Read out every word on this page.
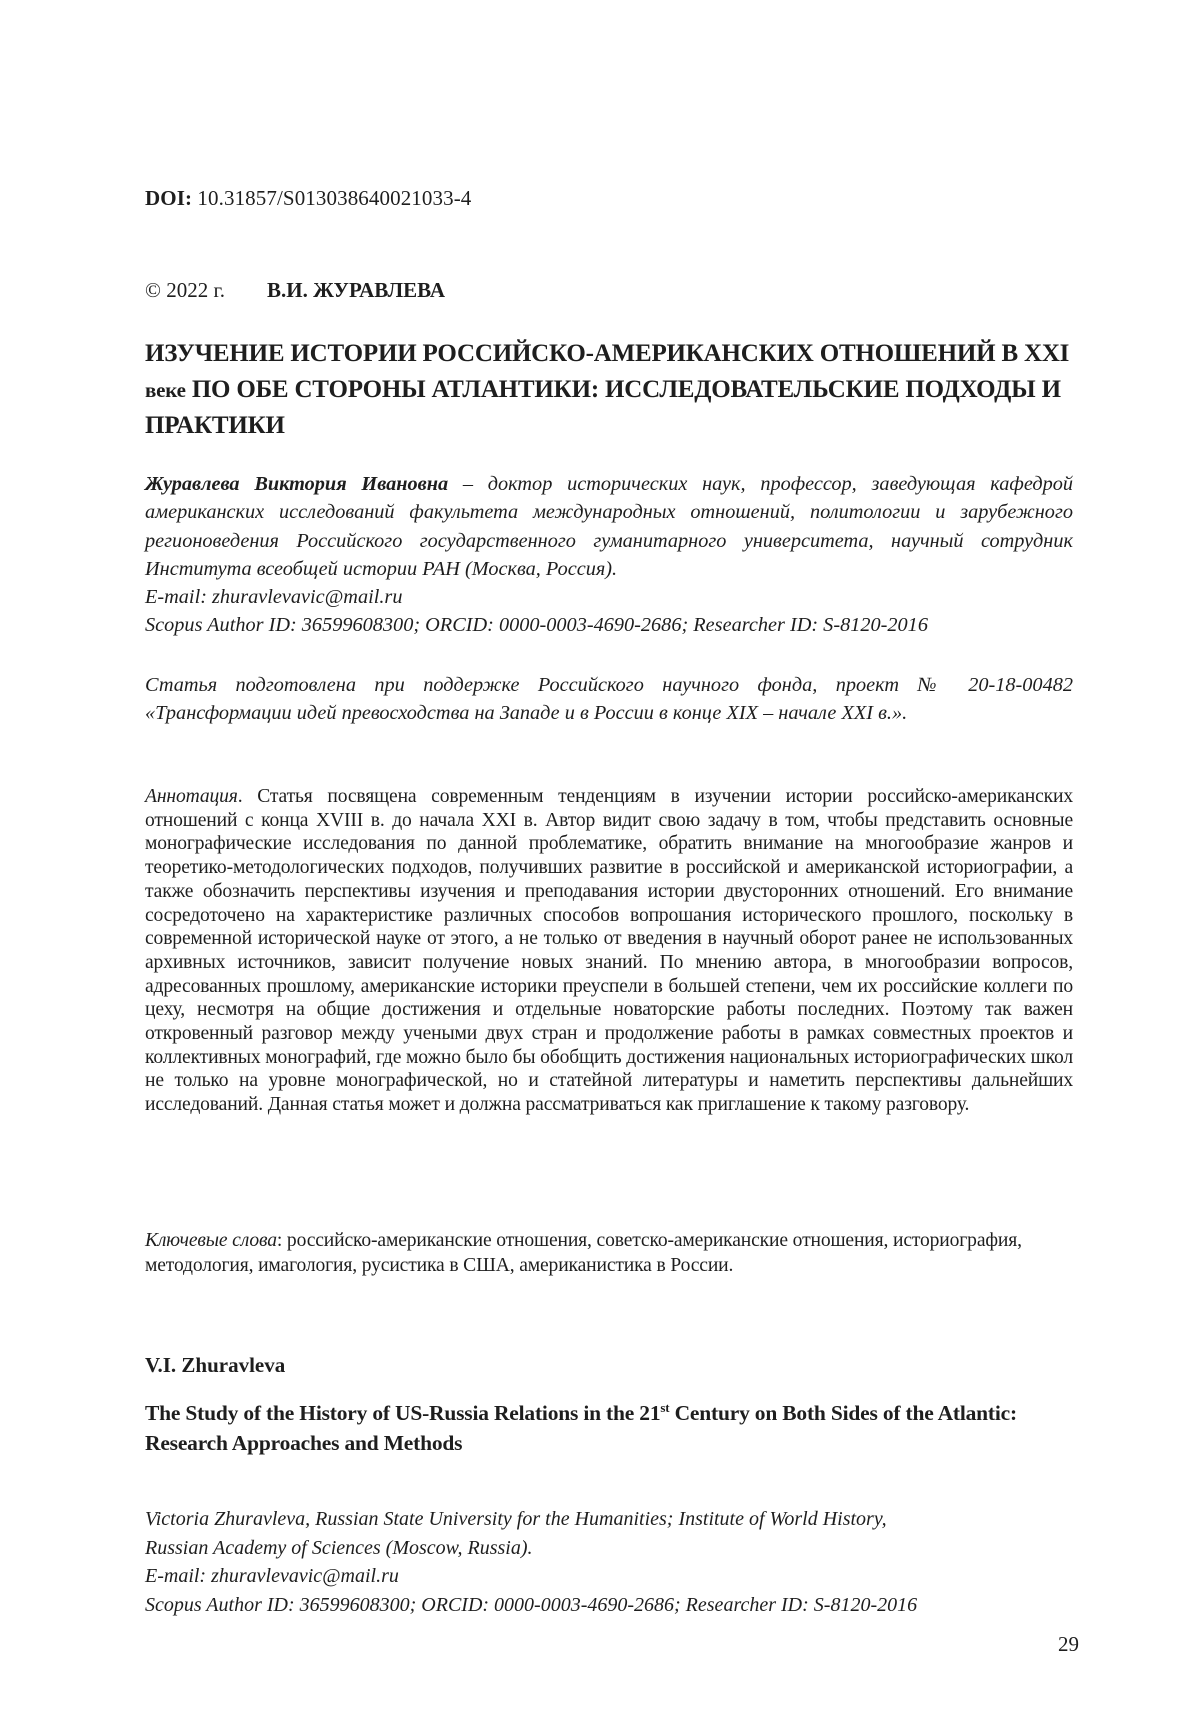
DOI: 10.31857/S013038640021033-4
© 2022 г. В.И. ЖУРАВЛЕВА
ИЗУЧЕНИЕ ИСТОРИИ РОССИЙСКО-АМЕРИКАНСКИХ ОТНОШЕНИЙ В XXI веке ПО ОБЕ СТОРОНЫ АТЛАНТИКИ: ИССЛЕДОВАТЕЛЬСКИЕ ПОДХОДЫ И ПРАКТИКИ
Журавлева Виктория Ивановна – доктор исторических наук, профессор, заведующая кафедрой американских исследований факультета международных отношений, политологии и зарубежного регионоведения Российского государственного гуманитарного университета, научный сотрудник Института всеобщей истории РАН (Москва, Россия).
E-mail: zhuravlevavic@mail.ru
Scopus Author ID: 36599608300; ORCID: 0000-0003-4690-2686; Researcher ID: S-8120-2016
Статья подготовлена при поддержке Российского научного фонда, проект № 20-18-00482 «Трансформации идей превосходства на Западе и в России в конце XIX – начале XXI в.».
Аннотация. Статья посвящена современным тенденциям в изучении истории российско-американских отношений с конца XVIII в. до начала XXI в. Автор видит свою задачу в том, чтобы представить основные монографические исследования по данной проблематике, обратить внимание на многообразие жанров и теоретико-методологических подходов, получивших развитие в российской и американской историографии, а также обозначить перспективы изучения и преподавания истории двусторонних отношений. Его внимание сосредоточено на характеристике различных способов вопрошания исторического прошлого, поскольку в современной исторической науке от этого, а не только от введения в научный оборот ранее не использованных архивных источников, зависит получение новых знаний. По мнению автора, в многообразии вопросов, адресованных прошлому, американские историки преуспели в большей степени, чем их российские коллеги по цеху, несмотря на общие достижения и отдельные новаторские работы последних. Поэтому так важен откровенный разговор между учеными двух стран и продолжение работы в рамках совместных проектов и коллективных монографий, где можно было бы обобщить достижения национальных историографических школ не только на уровне монографической, но и статейной литературы и наметить перспективы дальнейших исследований. Данная статья может и должна рассматриваться как приглашение к такому разговору.
Ключевые слова: российско-американские отношения, советско-американские отношения, историография, методология, имагология, русистика в США, американистика в России.
V.I. Zhuravleva
The Study of the History of US-Russia Relations in the 21st Century on Both Sides of the Atlantic: Research Approaches and Methods
Victoria Zhuravleva, Russian State University for the Humanities; Institute of World History,
Russian Academy of Sciences (Moscow, Russia).
E-mail: zhuravlevavic@mail.ru
Scopus Author ID: 36599608300; ORCID: 0000-0003-4690-2686; Researcher ID: S-8120-2016
29
